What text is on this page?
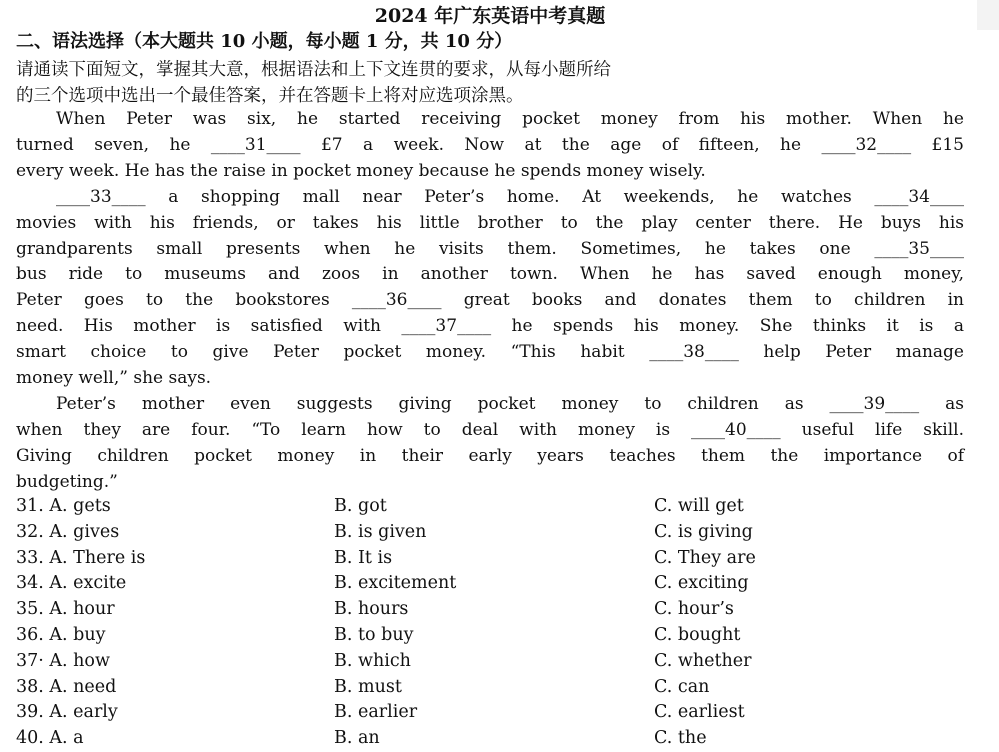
2024 年广东英语中考真题
二、语法选择（本大题共 10 小题，每小题 1 分，共 10 分）
请通读下面短文，掌握其大意，根据语法和上下文连贯的要求，从每小题所给
的三个选项中选出一个最佳答案，并在答题卡上将对应选项涂黑。
When Peter was six, he started receiving pocket money from his mother. When he
turned seven, he ____31____ £7 a week. Now at the age of fifteen, he ____32____ £15
every week. He has the raise in pocket money because he spends money wisely.
____33____ a shopping mall near Peter’s home. At weekends, he watches ____34____
movies with his friends, or takes his little brother to the play center there. He buys his
grandparents small presents when he visits them. Sometimes, he takes one ____35____
bus ride to museums and zoos in another town. When he has saved enough money,
Peter goes to the bookstores ____36____ great books and donates them to children in
need. His mother is satisfied with ____37____ he spends his money. She thinks it is a
smart choice to give Peter pocket money. “This habit ____38____ help Peter manage
money well,” she says.
Peter’s mother even suggests giving pocket money to children as ____39____ as
when they are four. “To learn how to deal with money is ____40____ useful life skill.
Giving children pocket money in their early years teaches them the importance of
budgeting.”
31. A. gets	B. got	C. will get
32. A. gives	B. is given	C. is giving
33. A. There is	B. It is	C. They are
34. A. excite	B. excitement	C. exciting
35. A. hour	B. hours	C. hour’s
36. A. buy	B. to buy	C. bought
37· A. how	B. which	C. whether
38. A. need	B. must	C. can
39. A. early	B. earlier	C. earliest
40. A. a	B. an	C. the
